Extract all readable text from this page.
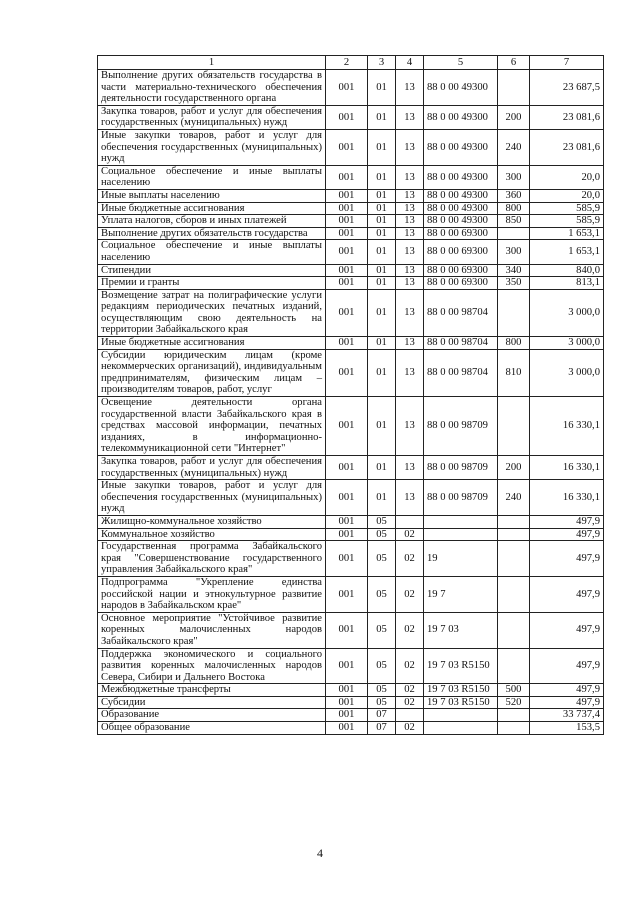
1	2	3	4	5	6	7
Выполнение других обязательств государства в части материально-технического обеспечения деятельности государственного органа	001	01	13	88 0 00 49300		23 687,5
Закупка товаров, работ и услуг для обеспечения государственных (муниципальных) нужд	001	01	13	88 0 00 49300	200	23 081,6
Иные закупки товаров, работ и услуг для обеспечения государственных (муниципальных) нужд	001	01	13	88 0 00 49300	240	23 081,6
Социальное обеспечение и иные выплаты населению	001	01	13	88 0 00 49300	300	20,0
Иные выплаты населению	001	01	13	88 0 00 49300	360	20,0
Иные бюджетные ассигнования	001	01	13	88 0 00 49300	800	585,9
Уплата налогов, сборов и иных платежей	001	01	13	88 0 00 49300	850	585,9
Выполнение других обязательств государства	001	01	13	88 0 00 69300		1 653,1
Социальное обеспечение и иные выплаты населению	001	01	13	88 0 00 69300	300	1 653,1
Стипендии	001	01	13	88 0 00 69300	340	840,0
Премии и гранты	001	01	13	88 0 00 69300	350	813,1
Возмещение затрат на полиграфические услуги редакциям периодических печатных изданий, осуществляющим свою деятельность на территории Забайкальского края	001	01	13	88 0 00 98704		3 000,0
Иные бюджетные ассигнования	001	01	13	88 0 00 98704	800	3 000,0
Субсидии юридическим лицам (кроме некоммерческих организаций), индивидуальным предпринимателям, физическим лицам – производителям товаров, работ, услуг	001	01	13	88 0 00 98704	810	3 000,0
Освещение деятельности органа государственной власти Забайкальского края в средствах массовой информации, печатных изданиях, в информационно-телекоммуникационной сети "Интернет"	001	01	13	88 0 00 98709		16 330,1
Закупка товаров, работ и услуг для обеспечения государственных (муниципальных) нужд	001	01	13	88 0 00 98709	200	16 330,1
Иные закупки товаров, работ и услуг для обеспечения государственных (муниципальных) нужд	001	01	13	88 0 00 98709	240	16 330,1
Жилищно-коммунальное хозяйство	001	05				497,9
Коммунальное хозяйство	001	05	02			497,9
Государственная программа Забайкальского края "Совершенствование государственного управления Забайкальского края"	001	05	02	19		497,9
Подпрограмма "Укрепление единства российской нации и этнокультурное развитие народов в Забайкальском крае"	001	05	02	19 7		497,9
Основное мероприятие "Устойчивое развитие коренных малочисленных народов Забайкальского края"	001	05	02	19 7 03		497,9
Поддержка экономического и социального развития коренных малочисленных народов Севера, Сибири и Дальнего Востока	001	05	02	19 7 03 R5150		497,9
Межбюджетные трансферты	001	05	02	19 7 03 R5150	500	497,9
Субсидии	001	05	02	19 7 03 R5150	520	497,9
Образование	001	07				33 737,4
Общее образование	001	07	02			153,5
4
